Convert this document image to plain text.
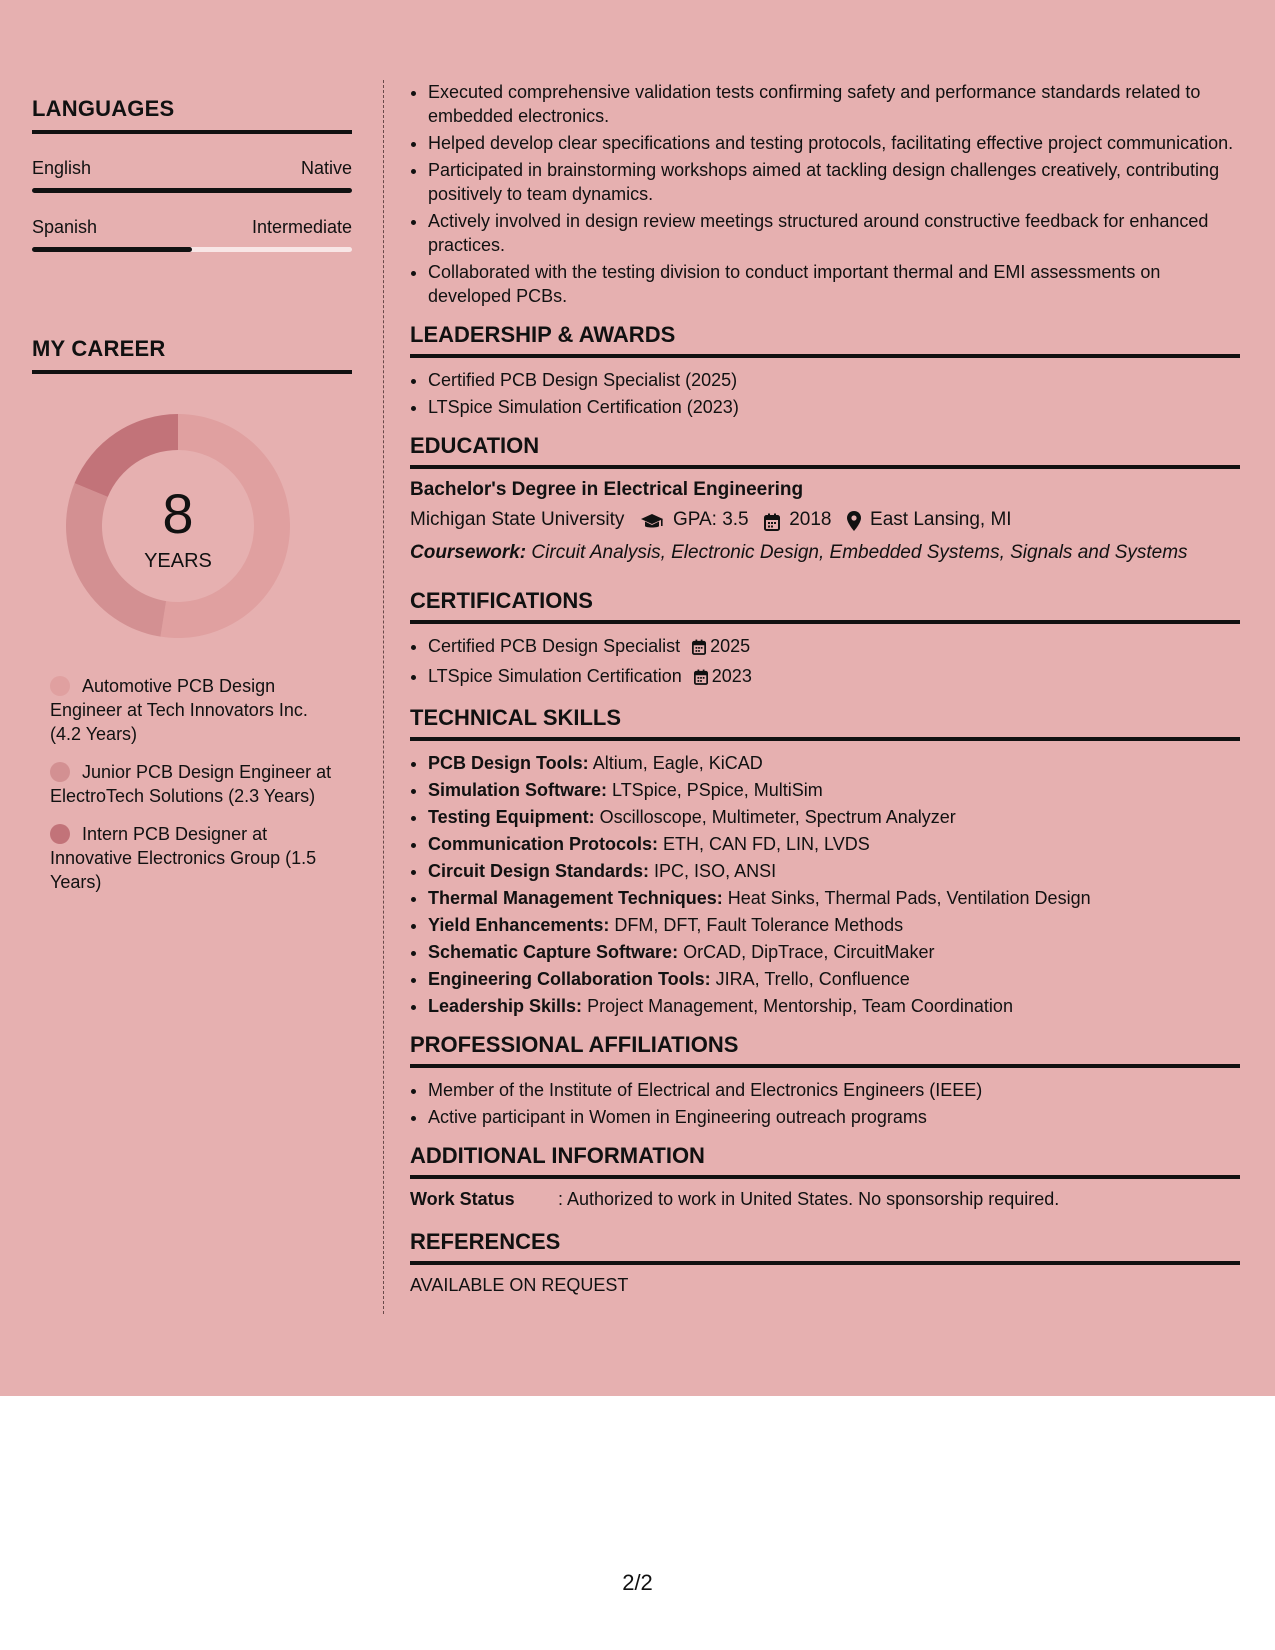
LANGUAGES
English	Native
Spanish	Intermediate
MY CAREER
8
YEARS
Automotive PCB Design Engineer at Tech Innovators Inc. (4.2 Years)
Junior PCB Design Engineer at ElectroTech Solutions (2.3 Years)
Intern PCB Designer at Innovative Electronics Group (1.5 Years)
• Executed comprehensive validation tests confirming safety and performance standards related to embedded electronics.
• Helped develop clear specifications and testing protocols, facilitating effective project communication.
• Participated in brainstorming workshops aimed at tackling design challenges creatively, contributing positively to team dynamics.
• Actively involved in design review meetings structured around constructive feedback for enhanced practices.
• Collaborated with the testing division to conduct important thermal and EMI assessments on developed PCBs.
LEADERSHIP & AWARDS
• Certified PCB Design Specialist (2025)
• LTSpice Simulation Certification (2023)
EDUCATION
Bachelor's Degree in Electrical Engineering
Michigan State University	GPA: 3.5 2018 East Lansing, MI
Coursework: Circuit Analysis, Electronic Design, Embedded Systems, Signals and Systems
CERTIFICATIONS
• Certified PCB Design Specialist 2025
• LTSpice Simulation Certification 2023
TECHNICAL SKILLS
• PCB Design Tools: Altium, Eagle, KiCAD
• Simulation Software: LTSpice, PSpice, MultiSim
• Testing Equipment: Oscilloscope, Multimeter, Spectrum Analyzer
• Communication Protocols: ETH, CAN FD, LIN, LVDS
• Circuit Design Standards: IPC, ISO, ANSI
• Thermal Management Techniques: Heat Sinks, Thermal Pads, Ventilation Design
• Yield Enhancements: DFM, DFT, Fault Tolerance Methods
• Schematic Capture Software: OrCAD, DipTrace, CircuitMaker
• Engineering Collaboration Tools: JIRA, Trello, Confluence
• Leadership Skills: Project Management, Mentorship, Team Coordination
PROFESSIONAL AFFILIATIONS
• Member of the Institute of Electrical and Electronics Engineers (IEEE)
• Active participant in Women in Engineering outreach programs
ADDITIONAL INFORMATION
Work Status : Authorized to work in United States. No sponsorship required.
REFERENCES
AVAILABLE ON REQUEST
2/2
